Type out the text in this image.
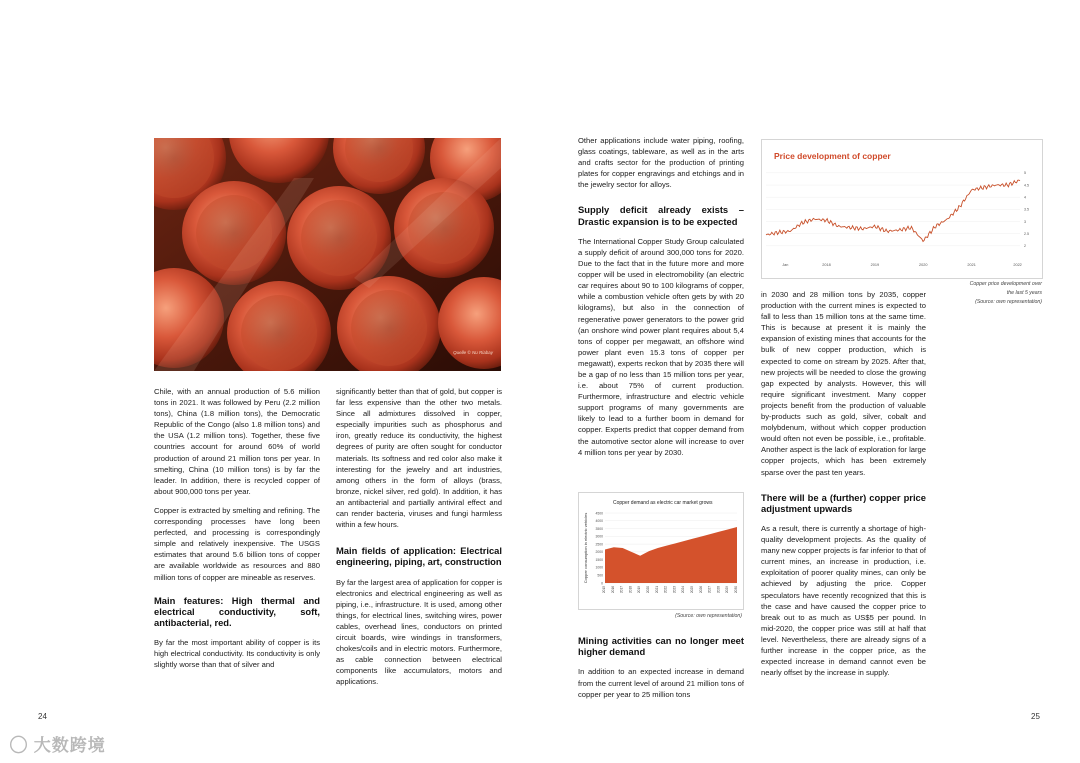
Quelle © Nu Riabay

Chile, with an annual production of 5.6 million tons in 2021. It was followed by Peru (2.2 million tons), China (1.8 million tons), the Democratic Republic of the Congo (also 1.8 million tons) and the USA (1.2 million tons). Together, these five countries account for around 60% of world production of around 21 million tons per year. In smelting, China (10 million tons) is by far the leader. In addition, there is recycled copper of about 900,000 tons per year.

Copper is extracted by smelting and refining. The corresponding processes have long been perfected, and processing is correspondingly simple and relatively inexpensive. The USGS estimates that around 5.6 billion tons of copper are available worldwide as resources and 880 million tons of copper are mineable as reserves.

Main features: High thermal and electrical conductivity, soft, antibacterial, red.

By far the most important ability of copper is its high electrical conductivity. Its conductivity is only slightly worse than that of silver and

significantly better than that of gold, but copper is far less expensive than the other two metals. Since all admixtures dissolved in copper, especially impurities such as phosphorus and iron, greatly reduce its conductivity, the highest degrees of purity are often sought for conductor materials. Its softness and red color also make it interesting for the jewelry and art industries, among others in the form of alloys (brass, bronze, nickel silver, red gold). In addition, it has an antibacterial and partially antiviral effect and can render bacteria, viruses and fungi harmless within a few hours.

Main fields of application: Electrical engineering, piping, art, construction

By far the largest area of application for copper is electronics and electrical engineering as well as piping, i.e., infrastructure. It is used, among other things, for electrical lines, switching wires, power cables, overhead lines, conductors on printed circuit boards, wire windings in transformers, chokes/coils and in electric motors. Furthermore, as cable connection between electrical components like accumulators, motors and applications.

24

Other applications include water piping, roofing, glass coatings, tableware, as well as in the arts and crafts sector for the production of printing plates for copper engravings and etchings and in the jewelry sector for alloys.

Supply deficit already exists – Drastic expansion is to be expected

The International Copper Study Group calculated a supply deficit of around 300,000 tons for 2020. Due to the fact that in the future more and more copper will be used in electromobility (an electric car requires about 90 to 100 kilograms of copper, while a combustion vehicle often gets by with 20 kilograms), but also in the connection of regenerative power generators to the power grid (an onshore wind power plant requires about 5,4 tons of copper per megawatt, an offshore wind power plant even 15.3 tons of copper per megawatt), experts reckon that by 2035 there will be a gap of no less than 15 million tons per year, i.e. about 75% of current production. Furthermore, infrastructure and electric vehicle support programs of many governments are likely to lead to a further boom in demand for copper. Experts predict that copper demand from the automotive sector alone will increase to over 4 million tons per year by 2030.

Copper demand as electric car market grows
Copper consumption in electric vehicles
0
500
1000
1500
2000
2500
3000
3500
4000
4500
2015 2016 2017 2018 2019 2020 2021 2022 2023 2024 2025 2026 2027 2028 2029 2030
(Source: own representation)
Mining activities can no longer meet higher demand

In addition to an expected increase in demand from the current level of around 21 million tons of copper per year to 25 million tons

Price development of copper
2
2.5
3
3.5
4
4.5
5
Jan	2018	2019	2020	2021	2022
Copper price development over
the last 5 years
(Source: own representation)

in 2030 and 28 million tons by 2035, copper production with the current mines is expected to fall to less than 15 million tons at the same time. This is because at present it is mainly the expansion of existing mines that accounts for the bulk of new copper production, which is expected to come on stream by 2025. After that, new projects will be needed to close the growing gap expected by analysts. However, this will require significant investment. Many copper projects benefit from the production of valuable by-products such as gold, silver, cobalt and molybdenum, without which copper production would often not even be possible, i.e., profitable. Another aspect is the lack of exploration for large copper projects, which has been extremely sparse over the past ten years.

There will be a (further) copper price adjustment upwards

As a result, there is currently a shortage of high-quality development projects. As the quality of many new copper projects is far inferior to that of current mines, an increase in production, i.e. exploitation of poorer quality mines, can only be achieved by adjusting the price. Copper speculators have recently recognized that this is the case and have caused the copper price to break out to as much as US$5 per pound. In mid-2020, the copper price was still at half that level. Nevertheless, there are already signs of a further increase in the copper price, as the expected increase in demand cannot even be nearly offset by the increase in supply.

25
◯ 大数跨境
